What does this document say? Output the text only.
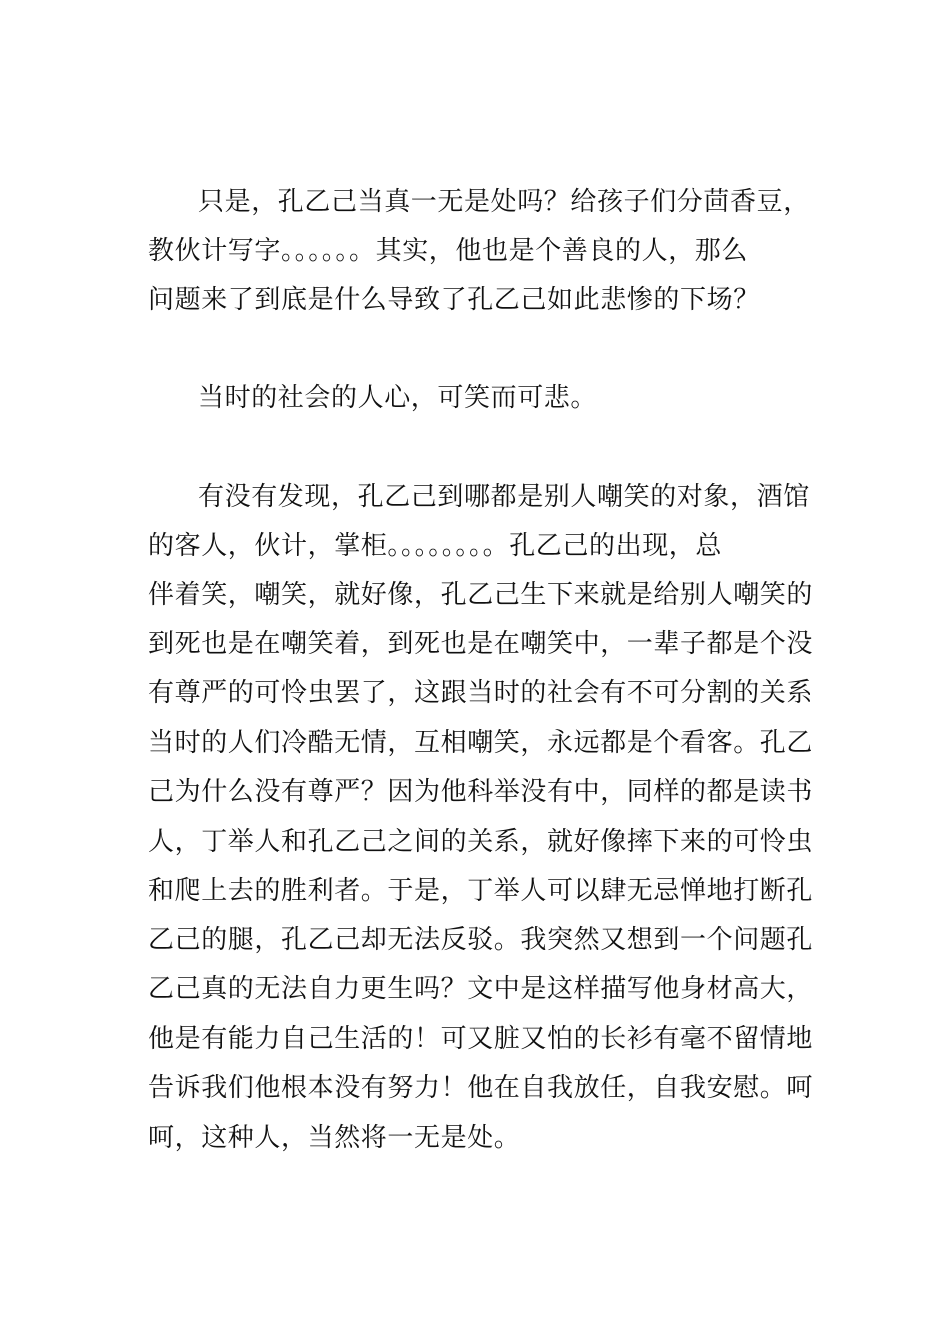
只是，孔乙己当真一无是处吗？给孩子们分茴香豆，
教伙计写字。。。。。。其实，他也是个善良的人，那么
问题来了到底是什么导致了孔乙己如此悲惨的下场？
当时的社会的人心，可笑而可悲。
有没有发现，孔乙己到哪都是别人嘲笑的对象，酒馆
的客人，伙计，掌柜。。。。。。。。孔乙己的出现，总
伴着笑，嘲笑，就好像，孔乙己生下来就是给别人嘲笑的
到死也是在嘲笑着，到死也是在嘲笑中，一辈子都是个没
有尊严的可怜虫罢了，这跟当时的社会有不可分割的关系
当时的人们冷酷无情，互相嘲笑，永远都是个看客。孔乙
己为什么没有尊严？因为他科举没有中，同样的都是读书
人，丁举人和孔乙己之间的关系，就好像摔下来的可怜虫
和爬上去的胜利者。于是，丁举人可以肆无忌惮地打断孔
乙己的腿，孔乙己却无法反驳。我突然又想到一个问题孔
乙己真的无法自力更生吗？文中是这样描写他身材高大，
他是有能力自己生活的！可又脏又怕的长衫有毫不留情地
告诉我们他根本没有努力！他在自我放任，自我安慰。呵
呵，这种人，当然将一无是处。
